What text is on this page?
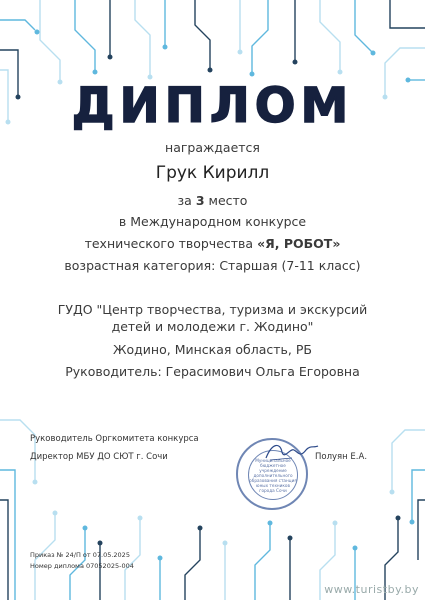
ДИПЛОМ
награждается
Грук Кирилл
за 3 место
в Международном конкурсе
технического творчества «Я, РОБОТ»
возрастная категория: Старшая (7-11 класс)
ГУДО "Центр творчества, туризма и экскурсий
детей и молодежи г. Жодино"
Жодино, Минская область, РБ
Руководитель: Герасимович Ольга Егоровна
Руководитель Оргкомитета конкурса
Директор МБУ ДО СЮТ г. Сочи	Муниципальное бюджетное учреждение дополнительного образования станция юных техников города Сочи
Полуян Е.А.
Приказ № 24/П от 07.05.2025
Номер диплома 07052025-004
www.turistby.by
